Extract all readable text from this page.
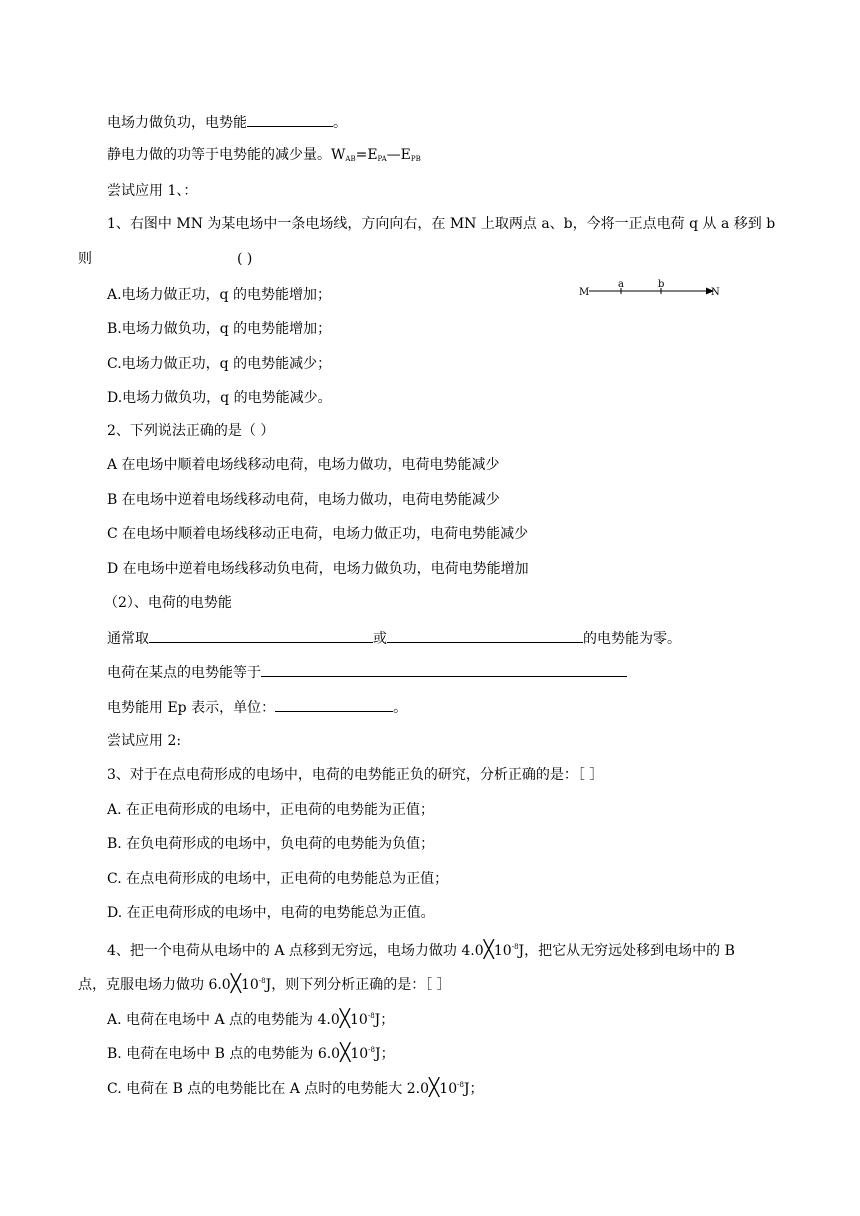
电场力做负功，电势能	。
静电力做的功等于电势能的减少量。$W_{AB}=E_{PA}—E_{PB}$
尝试应用 1、：
1、右图中 MN 为某电场中一条电场线，方向向右，在 MN 上取两点 a、b，今将一正点电荷 q 从 a 移到 b
则	( )
A.电场力做正功，q 的电势能增加；
B.电场力做负功，q 的电势能增加；
C.电场力做正功，q 的电势能减少；
D.电场力做负功，q 的电势能减少。
M
a	b
N
2、下列说法正确的是（ ）
A 在电场中顺着电场线移动电荷，电场力做功，电荷电势能减少
B 在电场中逆着电场线移动电荷，电场力做功，电荷电势能减少
C 在电场中顺着电场线移动正电荷，电场力做正功，电荷电势能减少
D 在电场中逆着电场线移动负电荷，电场力做负功，电荷电势能增加
（2）、电荷的电势能
通常取	或	的电势能为零。
电荷在某点的电势能等于
电势能用 Ep 表示，单位：	。
尝试应用 2:
3、对于在点电荷形成的电场中，电荷的电势能正负的研究，分析正确的是：［ ］
A. 在正电荷形成的电场中，正电荷的电势能为正值；
B. 在负电荷形成的电场中，负电荷的电势能为负值；
C. 在点电荷形成的电场中，正电荷的电势能总为正值；
D. 在正电荷形成的电场中，电荷的电势能总为正值。
4、把一个电荷从电场中的 A 点移到无穷远，电场力做功 $4.0╳10^{-8}J$，把它从无穷远处移到电场中的 B
点，克服电场力做功 $6.0╳10^{-8}J$，则下列分析正确的是：［ ］
A. 电荷在电场中 A 点的电势能为 $4.0╳10^{-8}J$；
B. 电荷在电场中 B 点的电势能为 $6.0╳10^{-8}J$；
C. 电荷在 B 点的电势能比在 A 点时的电势能大 $2.0╳10^{-8}J$；
